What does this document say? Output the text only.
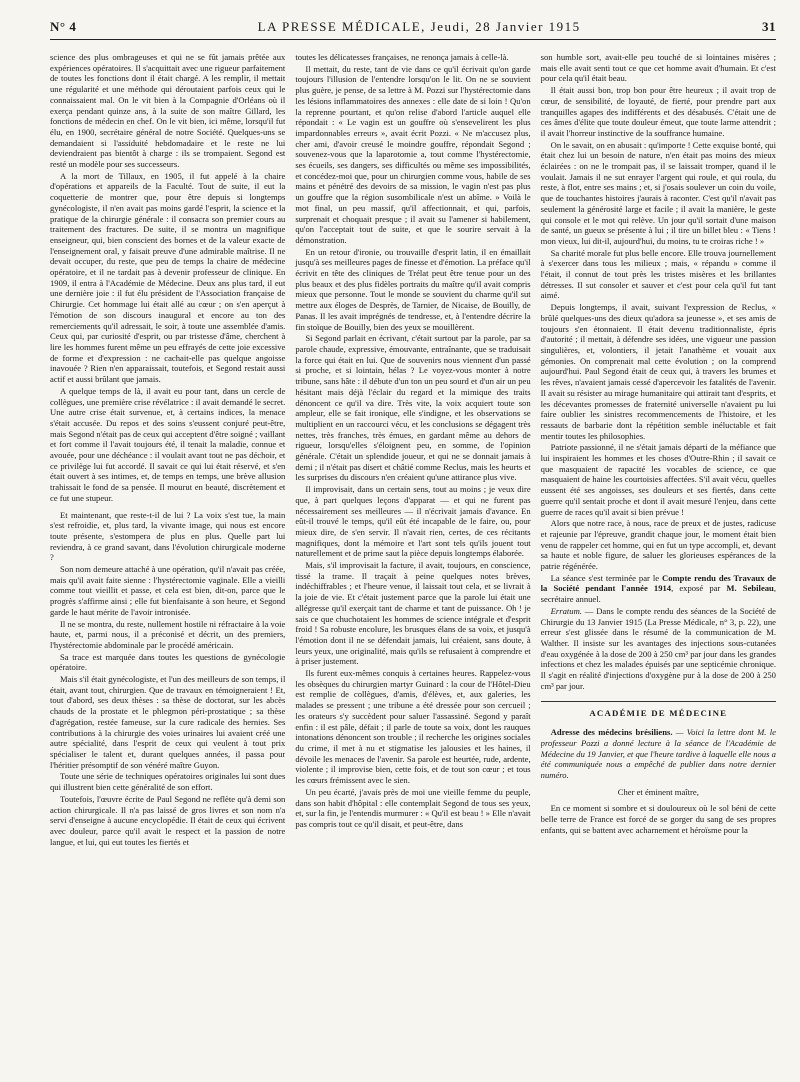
N° 4	LA PRESSE MÉDICALE, Jeudi, 28 Janvier 1915	31

science des plus ombrageuses et qui ne se fût jamais prêtée aux expériences opératoires. Il s'acquittait avec une rigueur parfaitement de toutes les fonctions dont il était chargé. A les remplir, il mettait une régularité et une méthode qui déroutaient parfois ceux qui le connaissaient mal. On le vit bien à la Compagnie d'Orléans où il exerça pendant quinze ans, à la suite de son maître Gillard, les fonctions de médecin en chef. On le vit bien, ici même, lorsqu'il fut élu, en 1900, secrétaire général de notre Société. Quelques-uns se demandaient si l'assiduité hebdomadaire et le reste ne lui deviendraient pas bientôt à charge : ils se trompaient. Segond est resté un modèle pour ses successeurs.

A la mort de Tillaux, en 1905, il fut appelé à la chaire d'opérations et appareils de la Faculté. Tout de suite, il eut la coquetterie de montrer que, pour être depuis si longtemps gynécologiste, il n'en avait pas moins gardé l'esprit, la science et la pratique de la chirurgie générale : il consacra son premier cours au traitement des fractures. De suite, il se montra un magnifique enseigneur, qui, bien conscient des bornes et de la valeur exacte de l'enseignement oral, y faisait preuve d'une admirable maîtrise. Il ne devait occuper, du reste, que peu de temps la chaire de médecine opératoire, et il ne tardait pas à devenir professeur de clinique. En 1909, il entra à l'Académie de Médecine. Deux ans plus tard, il eut une dernière joie : il fut élu président de l'Association française de Chirurgie. Cet hommage lui était allé au cœur ; on s'en aperçut à l'émotion de son discours inaugural et encore au ton des remerciements qu'il adressait, le soir, à toute une assemblée d'amis. Ceux qui, par curiosité d'esprit, ou par tristesse d'âme, cherchent à lire les hommes furent même un peu effrayés de cette joie excessive de forme et d'expression : ne cachait-elle pas quelque angoisse inavouée ? Rien n'en apparaissait, toutefois, et Segond restait aussi actif et aussi brûlant que jamais.

A quelque temps de là, il avait eu pour tant, dans un cercle de collègues, une première crise révélatrice : il avait demandé le secret. Une autre crise était survenue, et, à certains indices, la menace s'était accusée. Du repos et des soins s'eussent conjuré peut-être, mais Segond n'était pas de ceux qui acceptent d'être soigné ; vaillant et fort comme il l'avait toujours été, il tenait la maladie, connue et avouée, pour une déchéance : il voulait avant tout ne pas déchoir, et ce privilège lui fut accordé. Il savait ce qui lui était réservé, et s'en était ouvert à ses intimes, et, de temps en temps, une brève allusion trahissait le fond de sa pensée. Il mourut en beauté, discrètement et ce fut une stupeur.

Et maintenant, que reste-t-il de lui ? La voix s'est tue, la main s'est refroidie, et, plus tard, la vivante image, qui nous est encore toute présente, s'estompera de plus en plus. Quelle part lui reviendra, à ce grand savant, dans l'évolution chirurgicale moderne ?

Son nom demeure attaché à une opération, qu'il n'avait pas créée, mais qu'il avait faite sienne : l'hystérectomie vaginale. Elle a vieilli comme tout vieillit et passe, et cela est bien, dit-on, parce que le progrès s'affirme ainsi ; elle fut bienfaisante à son heure, et Segond garde le haut mérite de l'avoir intronisée.

Il ne se montra, du reste, nullement hostile ni réfractaire à la voie haute, et, parmi nous, il a préconisé et décrit, un des premiers, l'hystérectomie abdominale par le procédé américain.

Sa trace est marquée dans toutes les questions de gynécologie opératoire.

Mais s'il était gynécologiste, et l'un des meilleurs de son temps, il était, avant tout, chirurgien. Que de travaux en témoigneraient ! Et, tout d'abord, ses deux thèses : sa thèse de doctorat, sur les abcès chauds de la prostate et le phlegmon péri-prostatique ; sa thèse d'agrégation, restée fameuse, sur la cure radicale des hernies. Ses contributions à la chirurgie des voies urinaires lui avaient créé une autre spécialité, dans l'esprit de ceux qui veulent à tout prix spécialiser le talent et, durant quelques années, il passa pour l'héritier présomptif de son vénéré maître Guyon.

Toute une série de techniques opératoires originales lui sont dues qui illustrent bien cette généralité de son effort.

Toutefois, l'œuvre écrite de Paul Segond ne reflète qu'à demi son action chirurgicale. Il n'a pas laissé de gros livres et son nom n'a servi d'enseigne à aucune encyclopédie. Il était de ceux qui écrivent avec douleur, parce qu'il avait le respect et la passion de notre langue, et lui, qui eut toutes les fiertés et

toutes les délicatesses françaises, ne renonça jamais à celle-là.

Il mettait, du reste, tant de vie dans ce qu'il écrivait qu'on garde toujours l'illusion de l'entendre lorsqu'on le lit. On ne se souvient plus guère, je pense, de sa lettre à M. Pozzi sur l'hystérectomie dans les lésions inflammatoires des annexes : elle date de si loin ! Qu'on la reprenne pourtant, et qu'on relise d'abord l'article auquel elle répondait : « Le vagin est un gouffre où s'ensevelirent les plus impardonnables erreurs », avait écrit Pozzi. « Ne m'accusez plus, cher ami, d'avoir creusé le moindre gouffre, répondait Segond ; souvenez-vous que la laparotomie a, tout comme l'hystérectomie, ses écueils, ses dangers, ses difficultés ou même ses impossibilités, et concédez-moi que, pour un chirurgien comme vous, habile de ses mains et pénétré des devoirs de sa mission, le vagin n'est pas plus un gouffre que la région susombilicale n'est un abîme. » Voilà le mot final, un peu massif, qu'il affectionnait, et qui, parfois, surprenait et choquait presque ; il avait su l'amener si habilement, qu'on l'acceptait tout de suite, et que le sourire servait à la démonstration.

En un retour d'ironie, ou trouvaille d'esprit latin, il en émaillait jusqu'à ses meilleures pages de finesse et d'émotion. La préface qu'il écrivit en tête des cliniques de Trélat peut être tenue pour un des plus beaux et des plus fidèles portraits du maître qu'il avait compris mieux que personne. Tout le monde se souvient du charme qu'il sut mettre aux éloges de Desprès, de Tarnier, de Nicaise, de Bouilly, de Panas. Il les avait imprégnés de tendresse, et, à l'entendre décrire la fin stoïque de Bouilly, bien des yeux se mouillèrent.

Si Segond parlait en écrivant, c'était surtout par la parole, par sa parole chaude, expressive, émouvante, entraînante, que se traduisait la force qui était en lui. Que de souvenirs nous viennent d'un passé si proche, et si lointain, hélas ? Le voyez-vous monter à notre tribune, sans hâte : il débute d'un ton un peu sourd et d'un air un peu hésitant mais déjà l'éclair du regard et la mimique des traits dénoncent ce qu'il va dire. Très vite, la voix acquiert toute son ampleur, elle se fait ironique, elle s'indigne, et les observations se multiplient en un raccourci vécu, et les conclusions se dégagent très nettes, très franches, très émues, en gardant même au dehors de rigueur, lorsqu'elles s'éloignent peu, en somme, de l'opinion générale. C'était un splendide joueur, et qui ne se donnait jamais à demi ; il n'était pas disert et châtié comme Reclus, mais les heurts et les surprises du discours n'en créaient qu'une attirance plus vive.

Il improvisait, dans un certain sens, tout au moins ; je veux dire que, à part quelques leçons d'apparat — et qui ne furent pas nécessairement ses meilleures — il n'écrivait jamais d'avance. En eût-il trouvé le temps, qu'il eût été incapable de le faire, ou, pour mieux dire, de s'en servir. Il n'avait rien, certes, de ces récitants magnifiques, dont la mémoire et l'art sont tels qu'ils jouent tout naturellement et de prime saut la pièce depuis longtemps élaborée.

Mais, s'il improvisait la facture, il avait, toujours, en conscience, tissé la trame. Il traçait à peine quelques notes brèves, indéchiffrables ; et l'heure venue, il laissait tout cela, et se livrait à la joie de vie. Et c'était justement parce que la parole lui était une allégresse qu'il exerçait tant de charme et tant de puissance. Oh ! je sais ce que chuchotaient les hommes de science intégrale et d'esprit froid ! Sa robuste encolure, les brusques élans de sa voix, et jusqu'à l'émotion dont il ne se défendait jamais, lui créaient, sans doute, à leurs yeux, une originalité, mais qu'ils se refusaient à comprendre et à priser justement.

Ils furent eux-mêmes conquis à certaines heures. Rappelez-vous les obsèques du chirurgien martyr Guinard : la cour de l'Hôtel-Dieu est remplie de collègues, d'amis, d'élèves, et, aux galeries, les malades se pressent ; une tribune a été dressée pour son cercueil ; les orateurs s'y succèdent pour saluer l'assassiné. Segond y paraît enfin : il est pâle, défait ; il parle de toute sa voix, dont les rauques intonations dénoncent son trouble ; il recherche les origines sociales du crime, il met à nu et stigmatise les jalousies et les haines, il dévoile les menaces de l'avenir. Sa parole est heurtée, rude, ardente, violente ; il improvise bien, cette fois, et de tout son cœur ; et tous les cœurs frémissent avec le sien.

Un peu écarté, j'avais près de moi une vieille femme du peuple, dans son habit d'hôpital : elle contemplait Segond de tous ses yeux, et, sur la fin, je l'entendis murmurer : « Qu'il est beau ! » Elle n'avait pas compris tout ce qu'il disait, et peut-être, dans

son humble sort, avait-elle peu touché de si lointaines misères ; mais elle avait senti tout ce que cet homme avait d'humain. Et c'est pour cela qu'il était beau.

Il était aussi bon, trop bon pour être heureux ; il avait trop de cœur, de sensibilité, de loyauté, de fierté, pour prendre part aux tranquilles agapes des indifférents et des désabusés. C'était une de ces âmes d'élite que toute douleur émeut, que toute larme attendrit ; il avait l'horreur instinctive de la souffrance humaine.

On le savait, on en abusait : qu'importe ! Cette exquise bonté, qui était chez lui un besoin de nature, n'en était pas moins des mieux éclairées : on ne le trompait pas, il se laissait tromper, quand il le voulait. Jamais il ne sut enrayer l'argent qui roule, et qui roula, du reste, à flot, entre ses mains ; et, si j'osais soulever un coin du voile, que de touchantes histoires j'aurais à raconter. C'est qu'il n'avait pas seulement la générosité large et facile ; il avait la manière, le geste qui console et le mot qui relève. Un jour qu'il sortait d'une maison de santé, un gueux se présente à lui ; il tire un billet bleu : « Tiens ! mon vieux, lui dit-il, aujourd'hui, du moins, tu te croiras riche ! »

Sa charité morale fut plus belle encore. Elle trouva journellement à s'exercer dans tous les milieux ; mais, « répandu » comme il l'était, il connut de tout près les tristes misères et les brillantes détresses. Il sut consoler et sauver et c'est pour cela qu'il fut tant aimé.

Depuis longtemps, il avait, suivant l'expression de Reclus, « brûlé quelques-uns des dieux qu'adora sa jeunesse », et ses amis de toujours s'en étonnaient. Il était devenu traditionnaliste, épris d'autorité ; il mettait, à défendre ses idées, une vigueur une passion singulières, et, volontiers, il jetait l'anathème et vouait aux gémonies. On comprenait mal cette évolution ; on la comprend aujourd'hui. Paul Segond était de ceux qui, à travers les brumes et les rêves, n'avaient jamais cessé d'apercevoir les fatalités de l'avenir. Il avait su résister au mirage humanitaire qui attirait tant d'esprits, et les décevantes promesses de fraternité universelle n'avaient pu lui faire oublier les sinistres recommencements de l'histoire, et les ressauts de barbarie dont la répétition semble inéluctable et fait mentir toutes les philosophies.

Patriote passionné, il ne s'était jamais départi de la méfiance que lui inspiraient les hommes et les choses d'Outre-Rhin ; il savait ce que masquaient de rapacité les vocables de science, ce que masquaient de haine les courtoisies affectées. S'il avait vécu, quelles eussent été ses angoisses, ses douleurs et ses fiertés, dans cette guerre qu'il sentait proche et dont il avait mesuré l'enjeu, dans cette guerre de races qu'il avait si bien prévue !

Alors que notre race, à nous, race de preux et de justes, radicuse et rajeunie par l'épreuve, grandit chaque jour, le moment était bien venu de rappeler cet homme, qui en fut un type accompli, et, devant sa haute et noble figure, de saluer les glorieuses espérances de la patrie régénérée.

La séance s'est terminée par le Compte rendu des Travaux de la Société pendant l'année 1914, exposé par M. Sebileau, secrétaire annuel.

Erratum. — Dans le compte rendu des séances de la Société de Chirurgie du 13 Janvier 1915 (La Presse Médicale, n° 3, p. 22), une erreur s'est glissée dans le résumé de la communication de M. Walther. Il insiste sur les avantages des injections sous-cutanées d'eau oxygénée à la dose de 200 à 250 cm³ par jour dans les grandes infections et chez les malades épuisés par une septicémie chronique. Il s'agit en réalité d'injections d'oxygène pur à la dose de 200 à 250 cm³ par jour.

ACADÉMIE DE MÉDECINE

Adresse des médecins brésiliens. — Voici la lettre dont M. le professeur Pozzi a donné lecture à la séance de l'Académie de Médecine du 19 Janvier, et que l'heure tardive à laquelle elle nous a été communiquée nous a empêché de publier dans notre dernier numéro.

Cher et éminent maître,

En ce moment si sombre et si douloureux où le sol béni de cette belle terre de France est forcé de se gorger du sang de ses propres enfants, qui se battent avec acharnement et héroïsme pour la
